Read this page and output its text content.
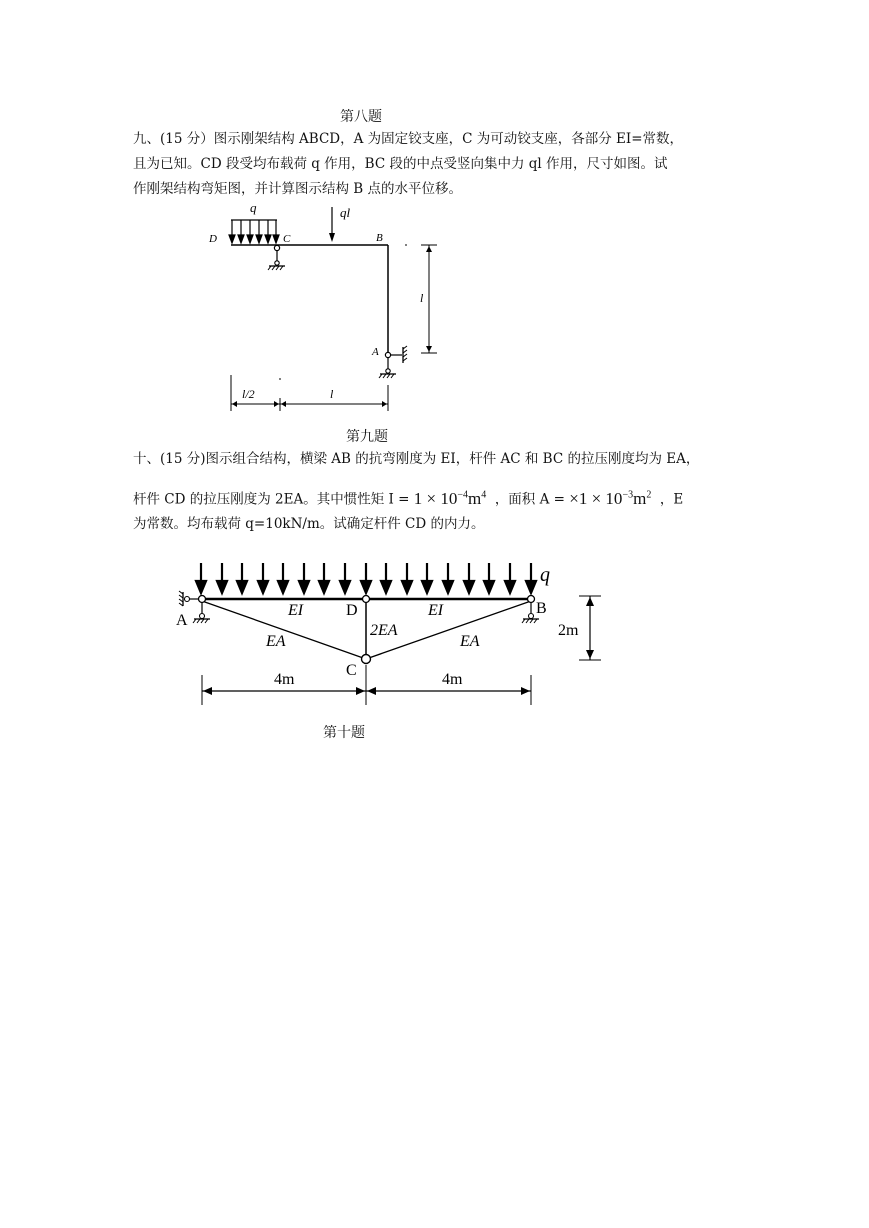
第八题

九、(15 分）图示刚架结构 ABCD，A 为固定铰支座，C 为可动铰支座，各部分 EI=常数，

且为已知。CD 段受均布载荷 q 作用，BC 段的中点受竖向集中力 ql 作用，尺寸如图。试

作刚架结构弯矩图，并计算图示结构 B 点的水平位移。

q	ql
D	C	B
A
l
l/2	l
第九题

十、(15 分)图示组合结构，横梁 AB 的抗弯刚度为 EI，杆件 AC 和 BC 的拉压刚度均为 EA，

杆件 CD 的拉压刚度为 2EA。其中惯性矩 $I = 1 \times 10^{-4}m^4$ ，面积 $A = \times 1 \times 10^{-3}m^2$ ，E

为常数。均布载荷 q=10kN/m。试确定杆件 CD 的内力。

q
A
B
D
C
EI	EI
EA	EA
2EA	2m
4m	4m
第十题
